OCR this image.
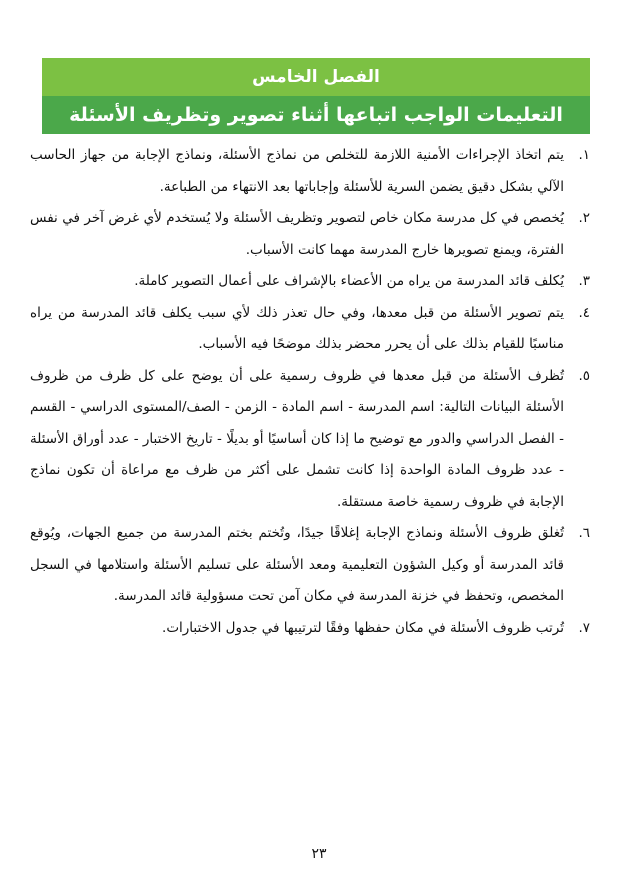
الفصل الخامس
التعليمات الواجب اتباعها أثناء تصوير وتظريف الأسئلة

١.
يتم اتخاذ الإجراءات الأمنية اللازمة للتخلص من نماذج الأسئلة، ونماذج الإجابة من جهاز الحاسب الآلي بشكل دقيق يضمن السرية للأسئلة وإجاباتها بعد الانتهاء من الطباعة.

٢.
يُخصص في كل مدرسة مكان خاص لتصوير وتظريف الأسئلة ولا يُستخدم لأي غرض آخر في نفس الفترة، ويمنع تصويرها خارج المدرسة مهما كانت الأسباب.

٣.
يُكلف قائد المدرسة من يراه من الأعضاء بالإشراف على أعمال التصوير كاملة.

٤.
يتم تصوير الأسئلة من قبل معدها، وفي حال تعذر ذلك لأي سبب يكلف قائد المدرسة من يراه مناسبًا للقيام بذلك على أن يحرر محضر بذلك موضحًا فيه الأسباب.

٥.
تُظرف الأسئلة من قبل معدها في ظروف رسمية على أن يوضح على كل ظرف من ظروف الأسئلة البيانات التالية: اسم المدرسة - اسم المادة - الزمن - الصف/المستوى الدراسي - القسم - الفصل الدراسي والدور مع توضيح ما إذا كان أساسيًا أو بديلًا - تاريخ الاختبار - عدد أوراق الأسئلة - عدد ظروف المادة الواحدة إذا كانت تشمل على أكثر من ظرف مع مراعاة أن تكون نماذج الإجابة في ظروف رسمية خاصة مستقلة.

٦.
تُغلق ظروف الأسئلة ونماذج الإجابة إغلاقًا جيدًا، وتُختم بختم المدرسة من جميع الجهات، ويُوقع قائد المدرسة أو وكيل الشؤون التعليمية ومعد الأسئلة على تسليم الأسئلة واستلامها في السجل المخصص، وتحفظ في خزنة المدرسة في مكان آمن تحت مسؤولية قائد المدرسة.

٧.
تُرتب ظروف الأسئلة في مكان حفظها وفقًا لترتيبها في جدول الاختبارات.

٢٣
